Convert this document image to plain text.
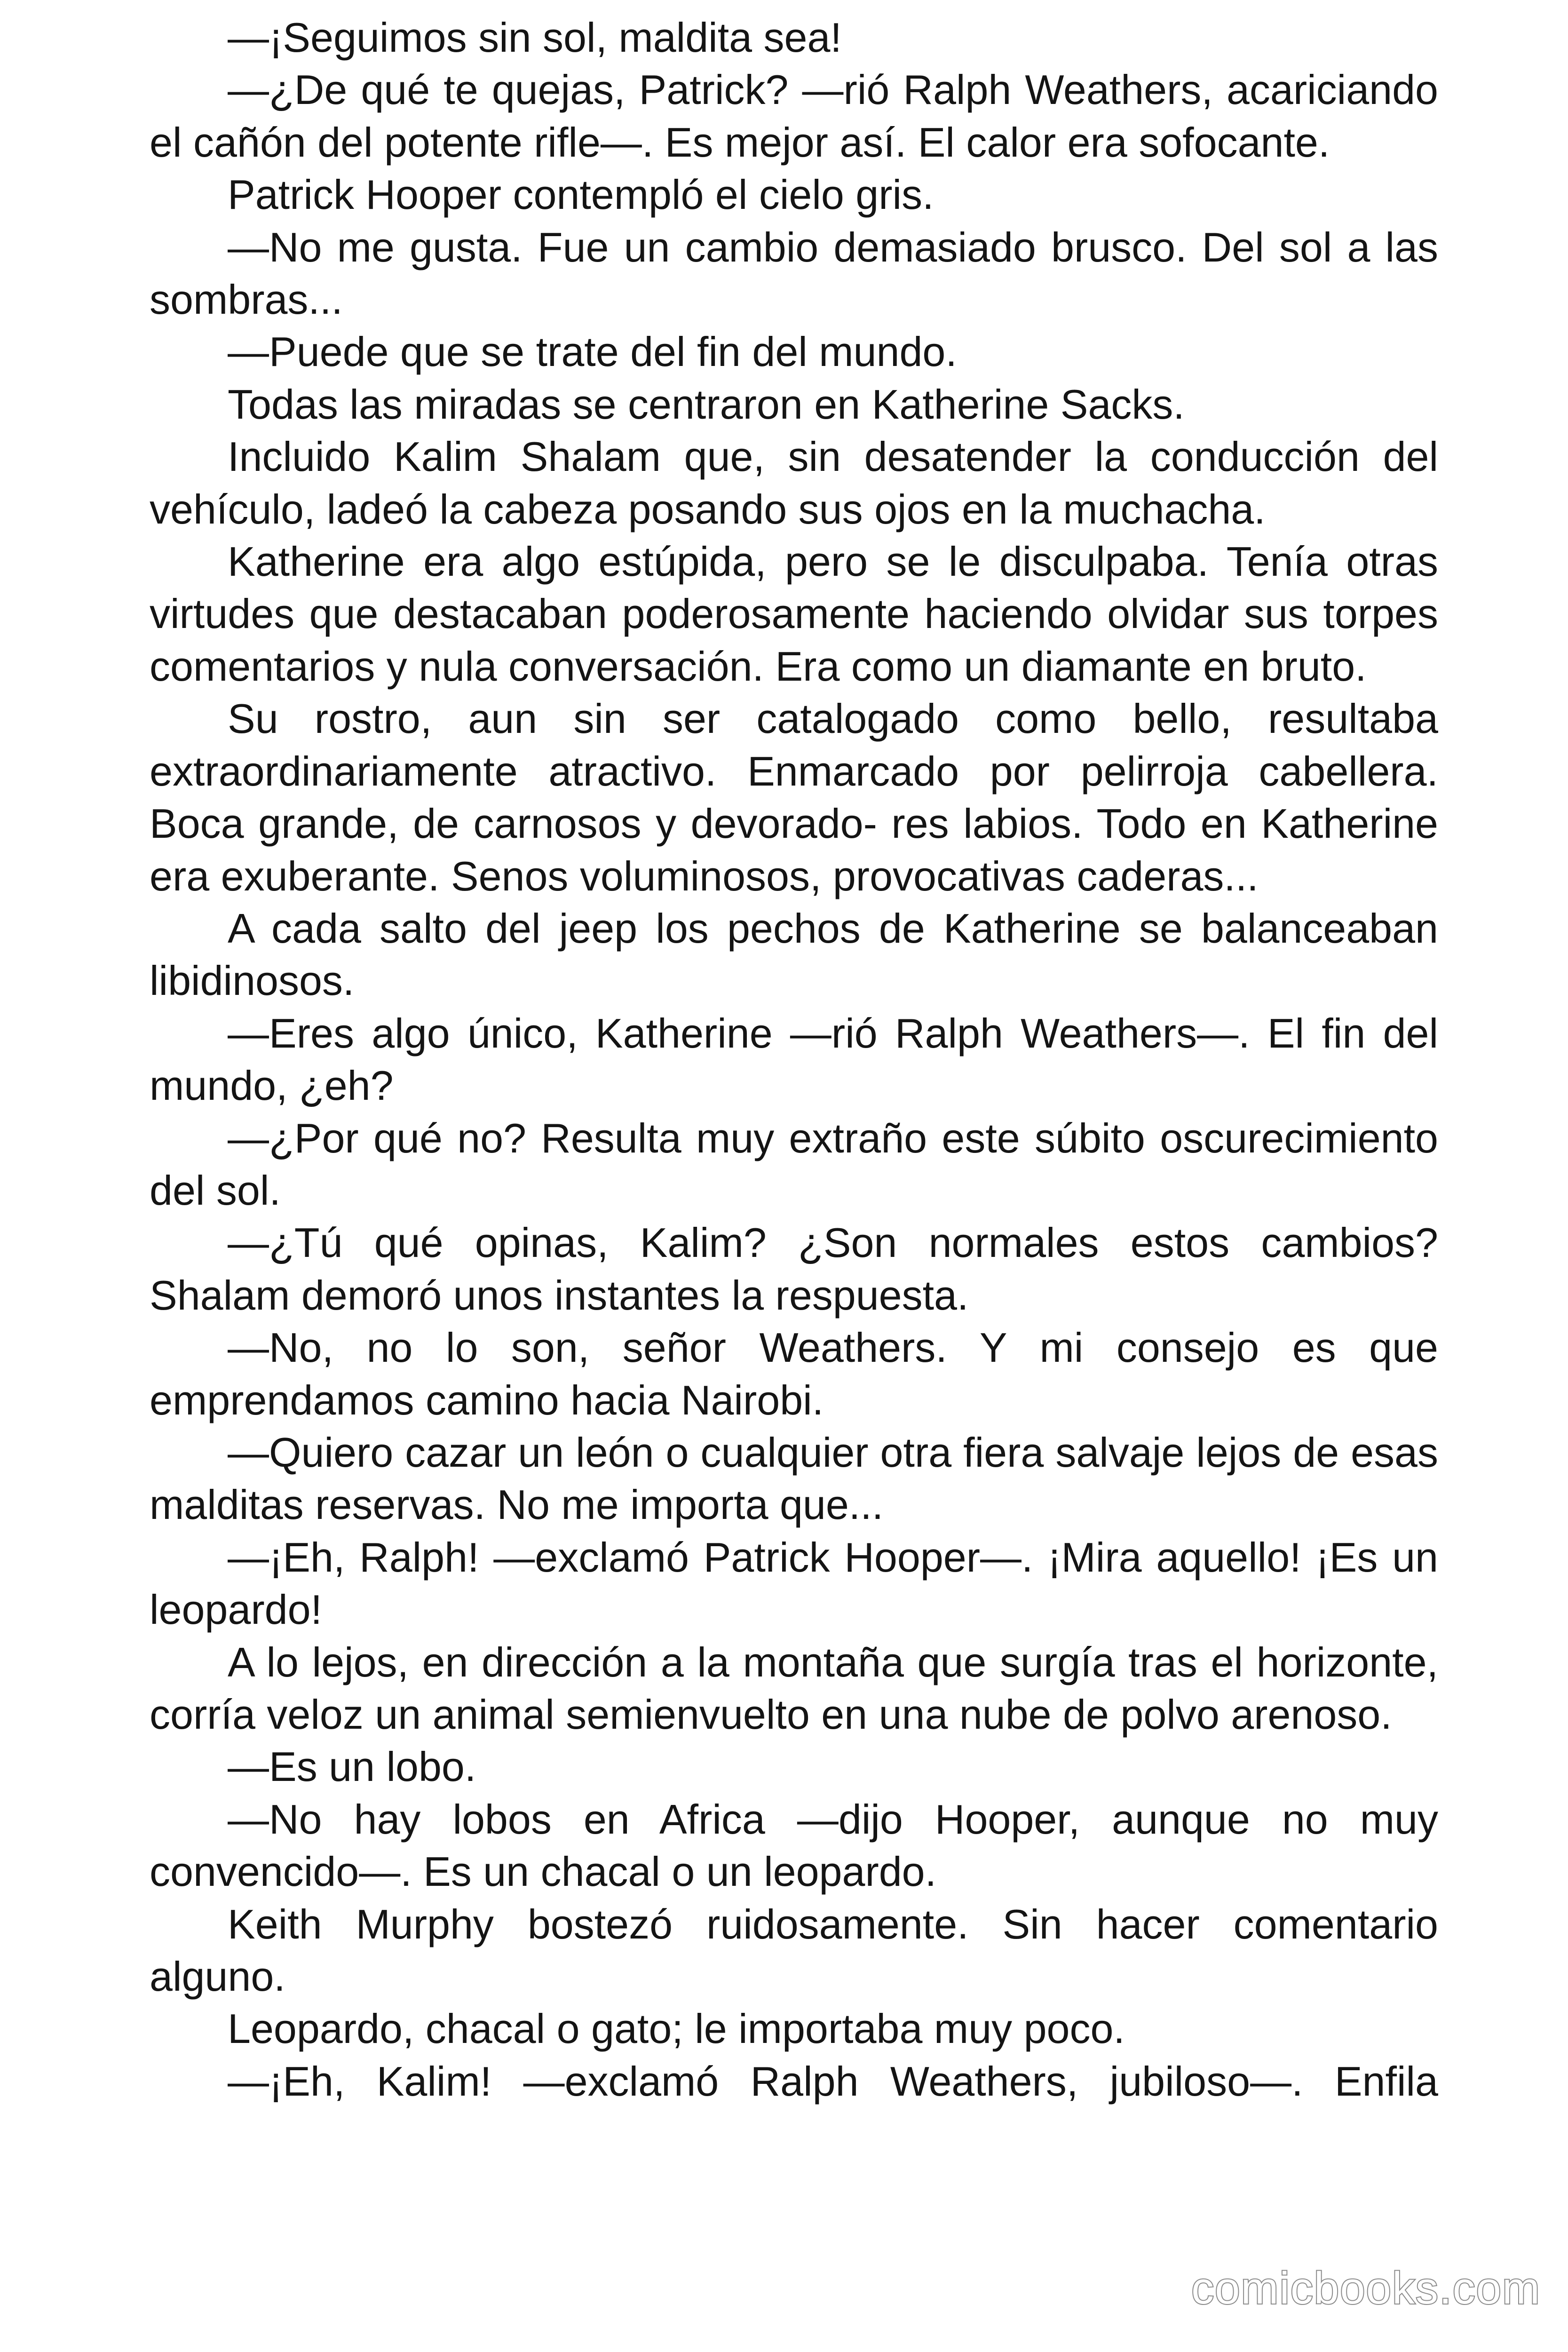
—¡Seguimos sin sol, maldita sea!

—¿De qué te quejas, Patrick? —rió Ralph Weathers, acariciando el cañón del potente rifle—. Es mejor así. El calor era sofocante.

Patrick Hooper contempló el cielo gris.

—No me gusta. Fue un cambio demasiado brusco. Del sol a las sombras...

—Puede que se trate del fin del mundo.

Todas las miradas se centraron en Katherine Sacks.

Incluido Kalim Shalam que, sin desatender la conducción del vehículo, ladeó la cabeza posando sus ojos en la muchacha.

Katherine era algo estúpida, pero se le disculpaba. Tenía otras virtudes que destacaban poderosamente haciendo olvidar sus torpes comentarios y nula conversación. Era como un diamante en bruto.

Su rostro, aun sin ser catalogado como bello, resultaba extraordinariamente atractivo. Enmarcado por pelirroja cabellera. Boca grande, de carnosos y devorado- res labios. Todo en Katherine era exuberante. Senos voluminosos, provocativas caderas...

A cada salto del jeep los pechos de Katherine se balanceaban libidinosos.

—Eres algo único, Katherine —rió Ralph Weathers—. El fin del mundo, ¿eh?

—¿Por qué no? Resulta muy extraño este súbito oscurecimiento del sol.

—¿Tú qué opinas, Kalim? ¿Son normales estos cambios? Shalam demoró unos instantes la respuesta.

—No, no lo son, señor Weathers. Y mi consejo es que emprendamos camino hacia Nairobi.

—Quiero cazar un león o cualquier otra fiera salvaje lejos de esas malditas reservas. No me importa que...

—¡Eh, Ralph! —exclamó Patrick Hooper—. ¡Mira aquello! ¡Es un leopardo!

A lo lejos, en dirección a la montaña que surgía tras el horizonte, corría veloz un animal semienvuelto en una nube de polvo arenoso.

—Es un lobo.

—No hay lobos en Africa —dijo Hooper, aunque no muy convencido—. Es un chacal o un leopardo.

Keith Murphy bostezó ruidosamente. Sin hacer comentario alguno.

Leopardo, chacal o gato; le importaba muy poco.

—¡Eh, Kalim! —exclamó Ralph Weathers, jubiloso—. Enfila

comicbooks.com
